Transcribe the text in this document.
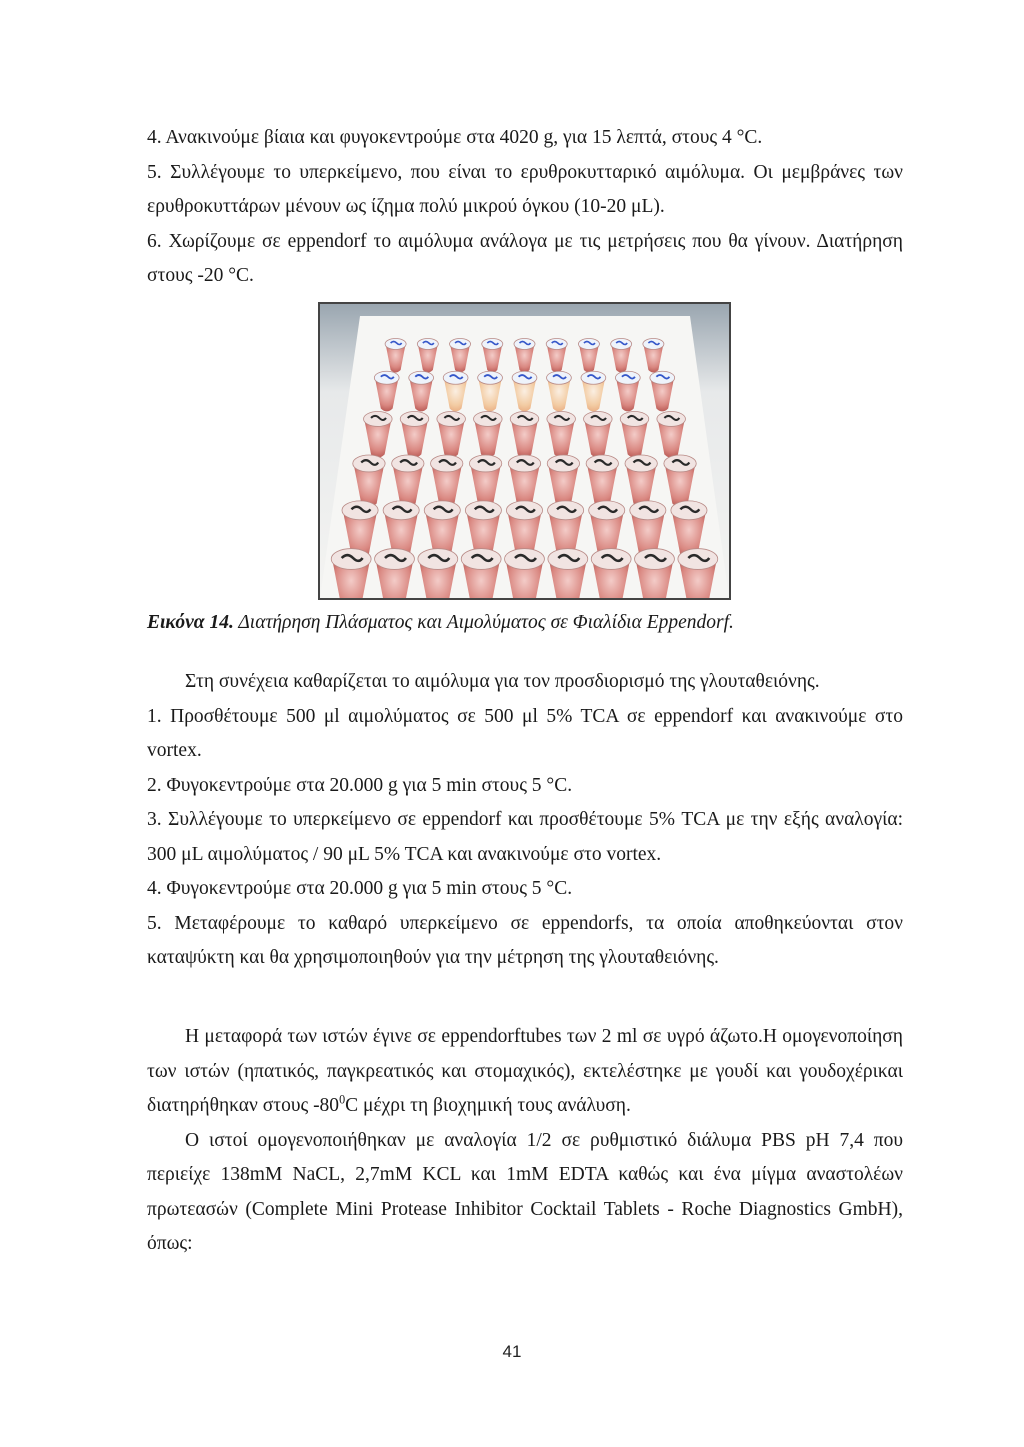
4. Ανακινούμε βίαια και φυγοκεντρούμε στα 4020 g, για 15 λεπτά, στους 4 °C.

5. Συλλέγουμε το υπερκείμενο, που είναι το ερυθροκυτταρικό αιμόλυμα. Οι μεμβράνες των ερυθροκυττάρων μένουν ως ίζημα πολύ μικρού όγκου (10-20 μL).

6. Χωρίζουμε σε eppendorf το αιμόλυμα ανάλογα με τις μετρήσεις που θα γίνουν. Διατήρηση στους -20 °C.

Εικόνα 14. Διατήρηση Πλάσματος και Αιμολύματος σε Φιαλίδια Eppendorf.

Στη συνέχεια καθαρίζεται το αιμόλυμα για τον προσδιορισμό της γλουταθειόνης.

1. Προσθέτουμε 500 μl αιμολύματος σε 500 μl 5% TCA σε eppendorf και ανακινούμε στο vortex.

2. Φυγοκεντρούμε στα 20.000 g για 5 min στους 5 °C.

3. Συλλέγουμε το υπερκείμενο σε eppendorf και προσθέτουμε 5% TCA με την εξής αναλογία: 300 μL αιμολύματος / 90 μL 5% TCA και ανακινούμε στο vortex.

4. Φυγοκεντρούμε στα 20.000 g για 5 min στους 5 °C.

5. Μεταφέρουμε το καθαρό υπερκείμενο σε eppendorfs, τα οποία αποθηκεύονται στον καταψύκτη και θα χρησιμοποιηθούν για την μέτρηση της γλουταθειόνης.

Η μεταφορά των ιστών έγινε σε eppendorftubes των 2 ml σε υγρό άζωτο.Η ομογενοποίηση των ιστών (ηπατικός, παγκρεατικός και στομαχικός), εκτελέστηκε με γουδί και γουδοχέρικαι διατηρήθηκαν στους $-80^0C$ μέχρι τη βιοχημική τους ανάλυση.

Ο ιστοί ομογενοποιήθηκαν με αναλογία 1/2 σε ρυθμιστικό διάλυμα PBS pH 7,4 που περιείχε 138mM NaCL, 2,7mM KCL και 1mM EDTA καθώς και ένα μίγμα αναστολέων πρωτεασών (Complete Mini Protease Inhibitor Cocktail Tablets - Roche Diagnostics GmbH), όπως:

41
